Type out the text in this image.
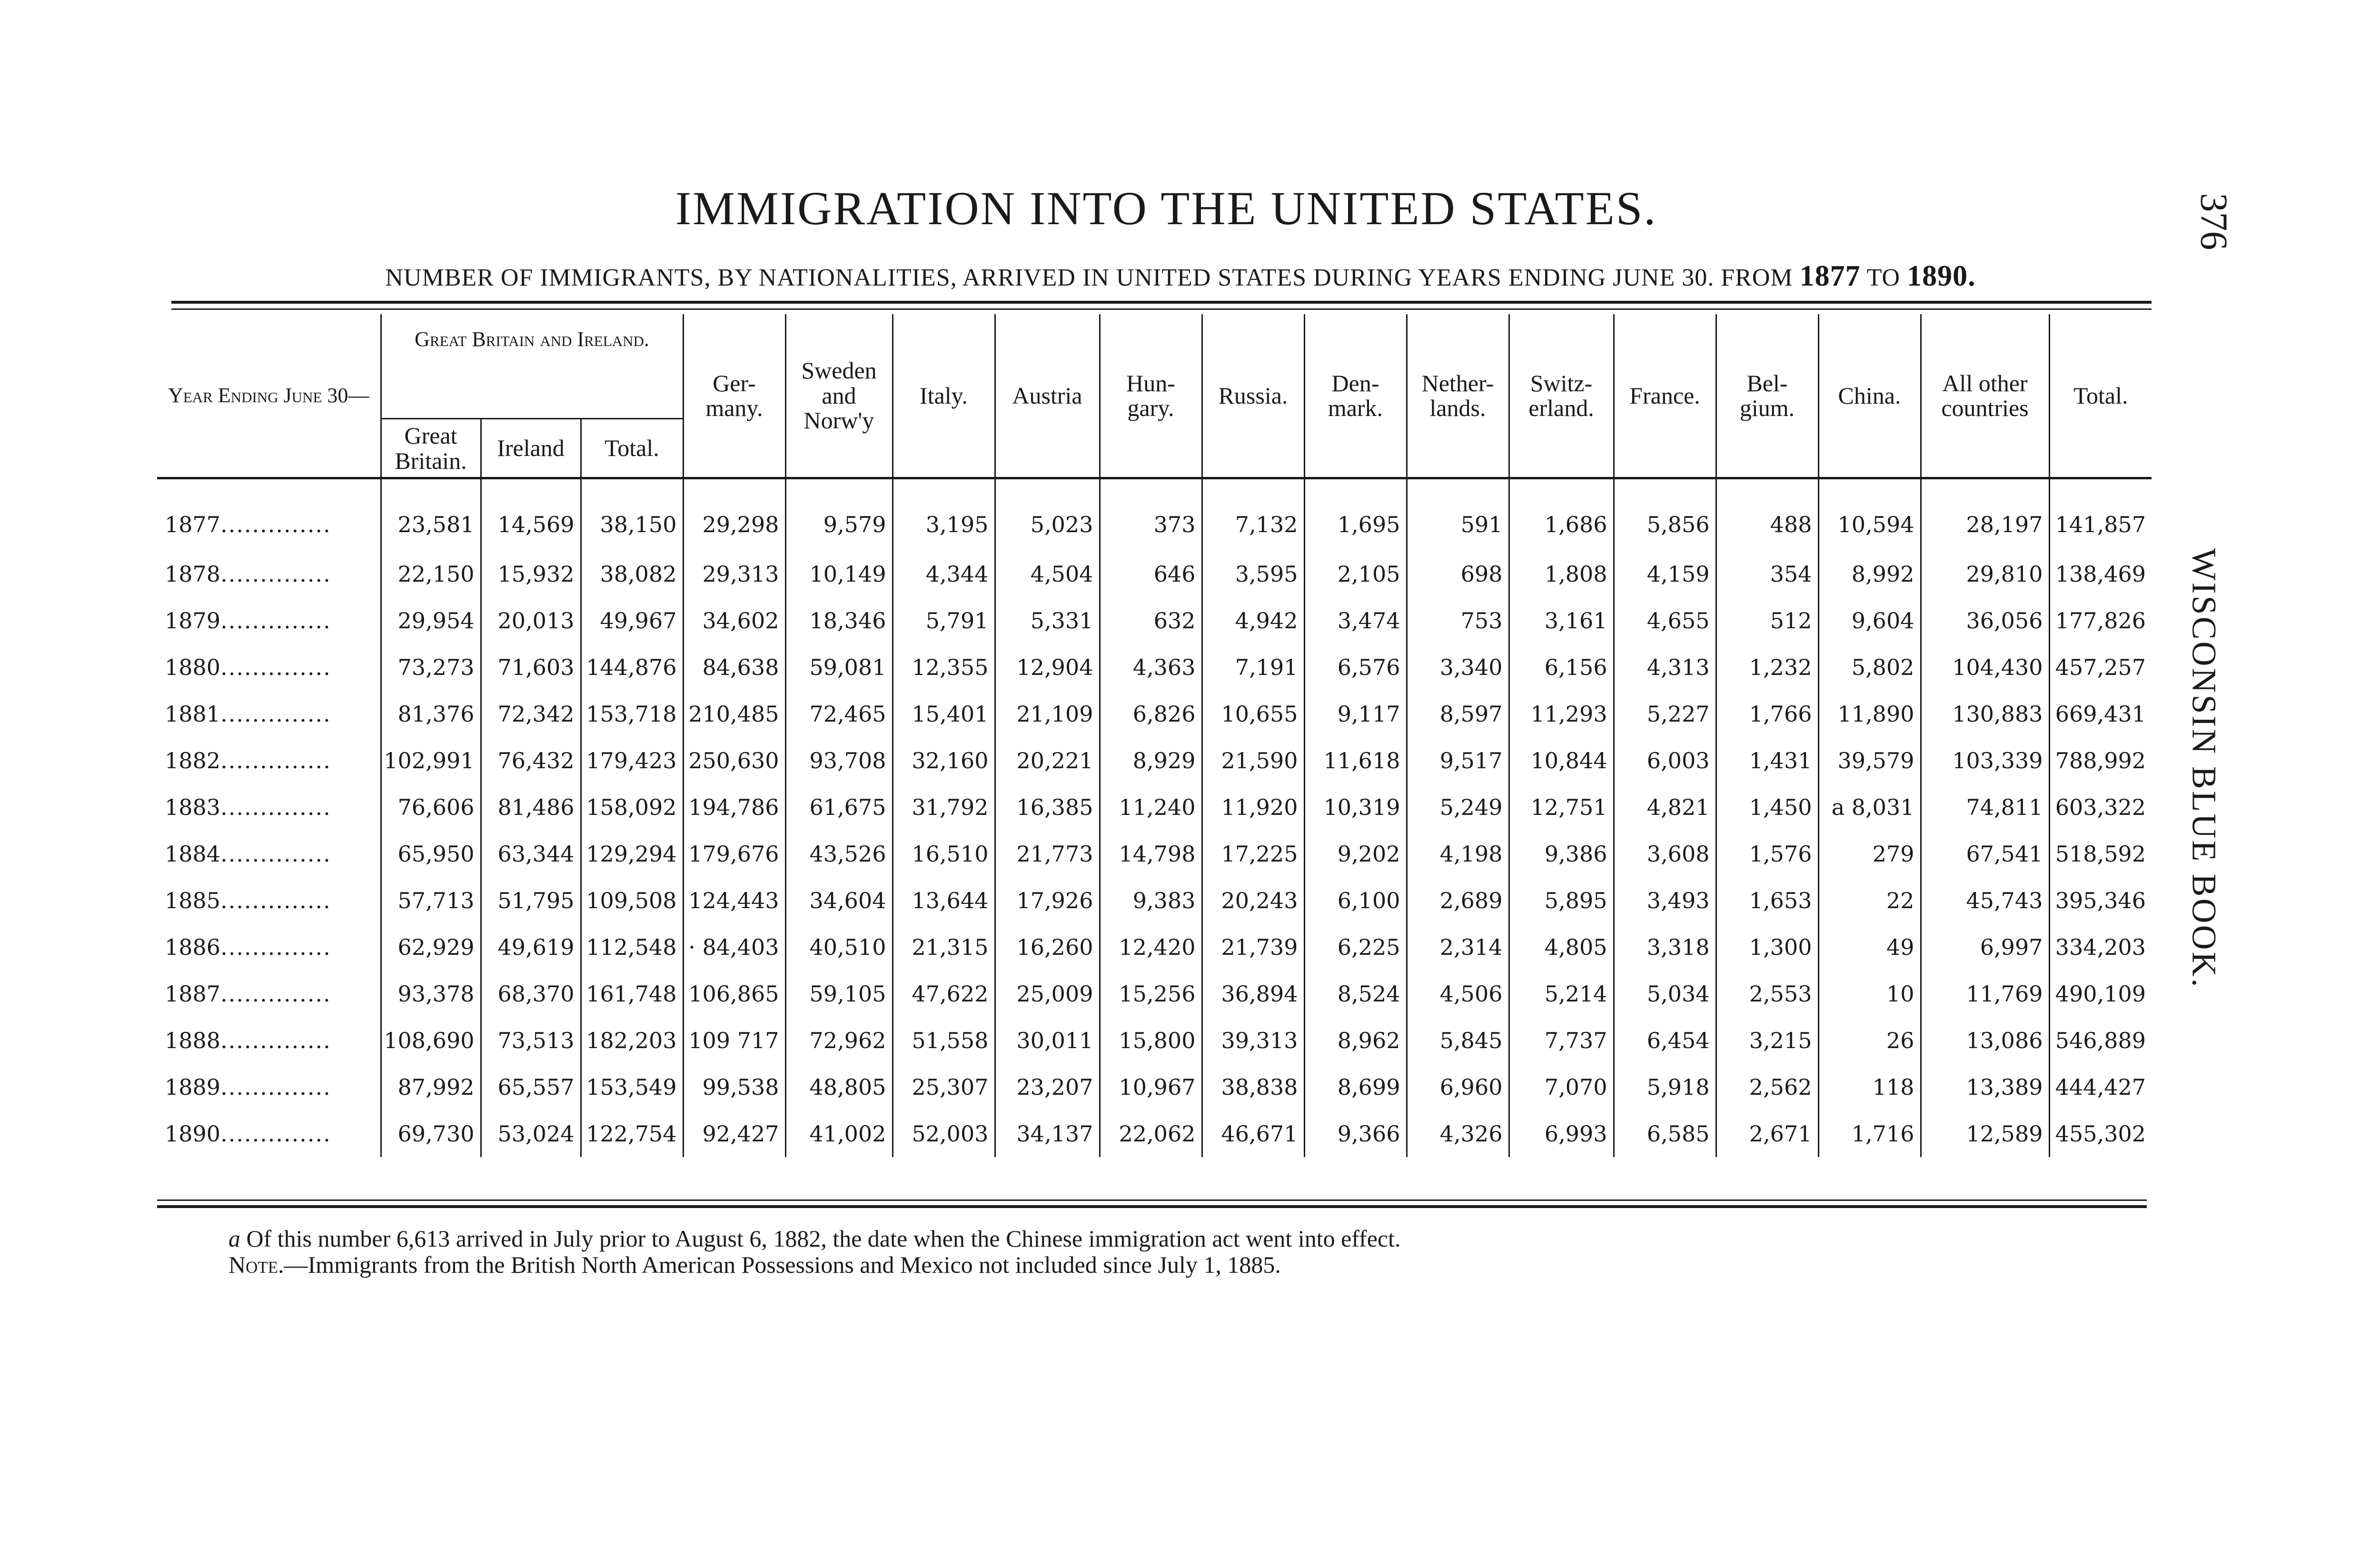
IMMIGRATION INTO THE UNITED STATES.
NUMBER OF IMMIGRANTS, BY NATIONALITIES, ARRIVED IN UNITED STATES DURING YEARS ENDING JUNE 30. FROM 1877 TO 1890.
376
WISCONSIN BLUE BOOK.
Year Ending June 30—	Great Britain and Ireland.			Ger-many.	Sweden and Norw'y	Italy.	Austria	Hun-gary.	Russia.	Den-mark.	Nether-lands.	Switz-erland.	France.	Bel-gium.	China.	All other countries	Total.
	Great Britain.	Ireland	Total.														
1877..............	23,581	14,569	38,150	29,298	9,579	3,195	5,023	373	7,132	1,695	591	1,686	5,856	488	10,594	28,197	141,857
1878..............	22,150	15,932	38,082	29,313	10,149	4,344	4,504	646	3,595	2,105	698	1,808	4,159	354	8,992	29,810	138,469
1879..............	29,954	20,013	49,967	34,602	18,346	5,791	5,331	632	4,942	3,474	753	3,161	4,655	512	9,604	36,056	177,826
1880..............	73,273	71,603	144,876	84,638	59,081	12,355	12,904	4,363	7,191	6,576	3,340	6,156	4,313	1,232	5,802	104,430	457,257
1881..............	81,376	72,342	153,718	210,485	72,465	15,401	21,109	6,826	10,655	9,117	8,597	11,293	5,227	1,766	11,890	130,883	669,431
1882..............	102,991	76,432	179,423	250,630	93,708	32,160	20,221	8,929	21,590	11,618	9,517	10,844	6,003	1,431	39,579	103,339	788,992
1883..............	76,606	81,486	158,092	194,786	61,675	31,792	16,385	11,240	11,920	10,319	5,249	12,751	4,821	1,450	a 8,031	74,811	603,322
1884..............	65,950	63,344	129,294	179,676	43,526	16,510	21,773	14,798	17,225	9,202	4,198	9,386	3,608	1,576	279	67,541	518,592
1885..............	57,713	51,795	109,508	124,443	34,604	13,644	17,926	9,383	20,243	6,100	2,689	5,895	3,493	1,653	22	45,743	395,346
1886..............	62,929	49,619	112,548	· 84,403	40,510	21,315	16,260	12,420	21,739	6,225	2,314	4,805	3,318	1,300	49	6,997	334,203
1887..............	93,378	68,370	161,748	106,865	59,105	47,622	25,009	15,256	36,894	8,524	4,506	5,214	5,034	2,553	10	11,769	490,109
1888..............	108,690	73,513	182,203	109 717	72,962	51,558	30,011	15,800	39,313	8,962	5,845	7,737	6,454	3,215	26	13,086	546,889
1889..............	87,992	65,557	153,549	99,538	48,805	25,307	23,207	10,967	38,838	8,699	6,960	7,070	5,918	2,562	118	13,389	444,427
1890..............	69,730	53,024	122,754	92,427	41,002	52,003	34,137	22,062	46,671	9,366	4,326	6,993	6,585	2,671	1,716	12,589	455,302
a Of this number 6,613 arrived in July prior to August 6, 1882, the date when the Chinese immigration act went into effect.
Note.—Immigrants from the British North American Possessions and Mexico not included since July 1, 1885.
